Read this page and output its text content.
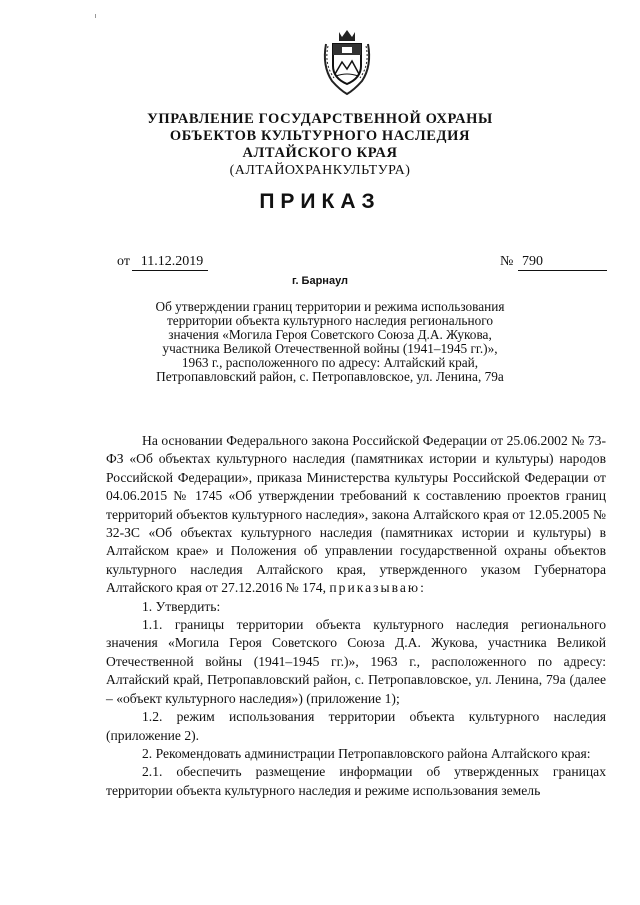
УПРАВЛЕНИЕ ГОСУДАРСТВЕННОЙ ОХРАНЫ
ОБЪЕКТОВ КУЛЬТУРНОГО НАСЛЕДИЯ
АЛТАЙСКОГО КРАЯ
(АЛТАЙОХРАНКУЛЬТУРА)
ПРИКАЗ
от 11.12.2019	№ 790
г. Барнаул
Об утверждении границ территории и режима использования
территории объекта культурного наследия регионального
значения «Могила Героя Советского Союза Д.А. Жукова,
участника Великой Отечественной войны (1941–1945 гг.)»,
1963 г., расположенного по адресу: Алтайский край,
Петропавловский район, с. Петропавловское, ул. Ленина, 79а

На основании Федерального закона Российской Федерации от 25.06.2002 № 73-ФЗ «Об объектах культурного наследия (памятниках истории и культуры) народов Российской Федерации», приказа Министерства культуры Российской Федерации от 04.06.2015 № 1745 «Об утверждении требований к составлению проектов границ территорий объектов культурного наследия», закона Алтайского края от 12.05.2005 № 32-ЗС «Об объектах культурного наследия (памятниках истории и культуры) в Алтайском крае» и Положения об управлении государственной охраны объектов культурного наследия Алтайского края, утвержденного указом Губернатора Алтайского края от 27.12.2016 № 174, приказываю:

1. Утвердить:

1.1. границы территории объекта культурного наследия регионального значения «Могила Героя Советского Союза Д.А. Жукова, участника Великой Отечественной войны (1941–1945 гг.)», 1963 г., расположенного по адресу: Алтайский край, Петропавловский район, с. Петропавловское, ул. Ленина, 79а (далее – «объект культурного наследия») (приложение 1);

1.2. режим использования территории объекта культурного наследия (приложение 2).

2. Рекомендовать администрации Петропавловского района Алтайского края:

2.1. обеспечить размещение информации об утвержденных границах территории объекта культурного наследия и режиме использования земель
